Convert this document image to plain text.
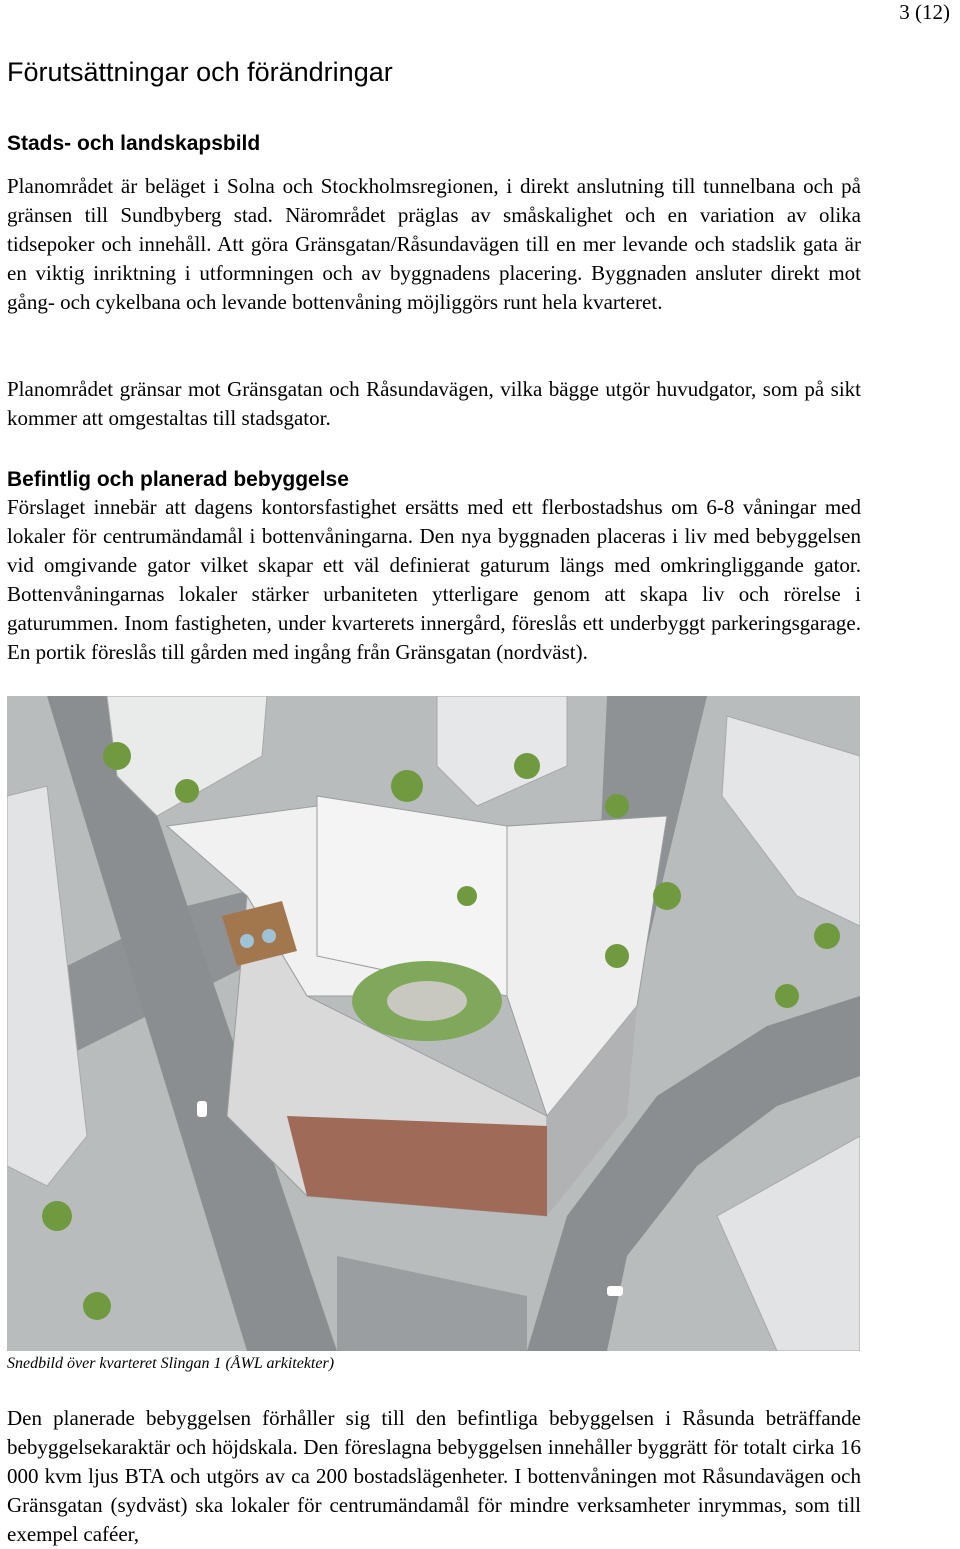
3 (12)
Förutsättningar och förändringar
Stads- och landskapsbild

Planområdet är beläget i Solna och Stockholmsregionen, i direkt anslutning till tunnelbana och på gränsen till Sundbyberg stad. Närområdet präglas av småskalighet och en variation av olika tidsepoker och innehåll. Att göra Gränsgatan/Råsundavägen till en mer levande och stadslik gata är en viktig inriktning i utformningen och av byggnadens placering. Byggnaden ansluter direkt mot gång- och cykelbana och levande bottenvåning möjliggörs runt hela kvarteret.

Planområdet gränsar mot Gränsgatan och Råsundavägen, vilka bägge utgör huvudgator, som på sikt kommer att omgestaltas till stadsgator.

Befintlig och planerad bebyggelse

Förslaget innebär att dagens kontorsfastighet ersätts med ett flerbostadshus om 6-8 våningar med lokaler för centrumändamål i bottenvåningarna. Den nya byggnaden placeras i liv med bebyggelsen vid omgivande gator vilket skapar ett väl definierat gaturum längs med omkringliggande gator. Bottenvåningarnas lokaler stärker urbaniteten ytterligare genom att skapa liv och rörelse i gaturummen. Inom fastigheten, under kvarterets innergård, föreslås ett underbyggt parkeringsgarage. En portik föreslås till gården med ingång från Gränsgatan (nordväst).

Snedbild över kvarteret Slingan 1 (ÅWL arkitekter)

Den planerade bebyggelsen förhåller sig till den befintliga bebyggelsen i Råsunda beträffande bebyggelsekaraktär och höjdskala. Den föreslagna bebyggelsen innehåller byggrätt för totalt cirka 16 000 kvm ljus BTA och utgörs av ca 200 bostadslägenheter. I bottenvåningen mot Råsundavägen och Gränsgatan (sydväst) ska lokaler för centrumändamål för mindre verksamheter inrymmas, som till exempel caféer,
